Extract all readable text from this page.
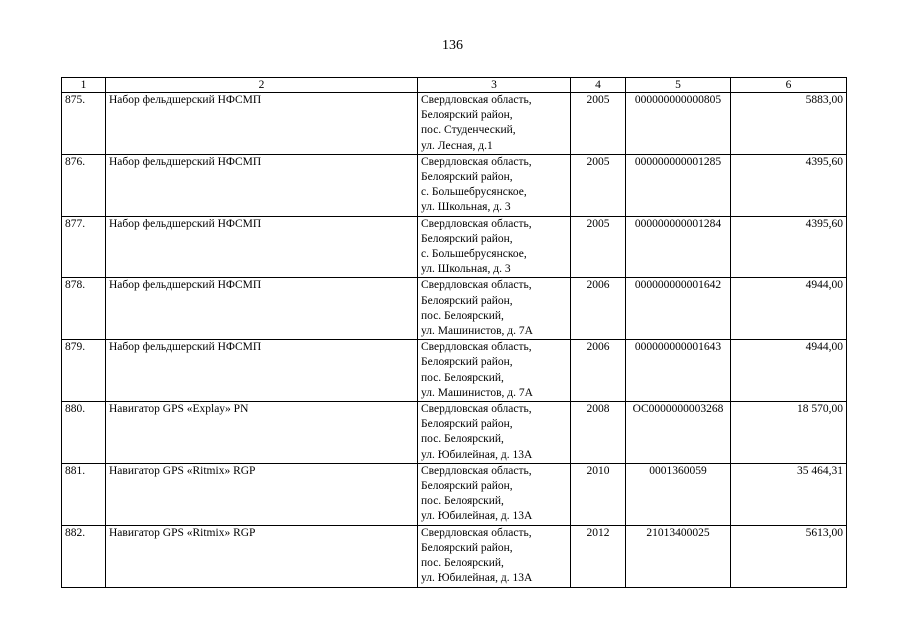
136
1	2	3	4	5	6
875.	Набор фельдшерский НФСМП	Свердловская область,
Белоярский район,
пос. Студенческий,
ул. Лесная, д.1	2005	000000000000805	5883,00
876.	Набор фельдшерский НФСМП	Свердловская область,
Белоярский район,
с. Большебрусянское,
ул. Школьная, д. 3	2005	000000000001285	4395,60
877.	Набор фельдшерский НФСМП	Свердловская область,
Белоярский район,
с. Большебрусянское,
ул. Школьная, д. 3	2005	000000000001284	4395,60
878.	Набор фельдшерский НФСМП	Свердловская область,
Белоярский район,
пос. Белоярский,
ул. Машинистов, д. 7А	2006	000000000001642	4944,00
879.	Набор фельдшерский НФСМП	Свердловская область,
Белоярский район,
пос. Белоярский,
ул. Машинистов, д. 7А	2006	000000000001643	4944,00
880.	Навигатор GPS «Explay» PN	Свердловская область,
Белоярский район,
пос. Белоярский,
ул. Юбилейная, д. 13А	2008	ОС0000000003268	18 570,00
881.	Навигатор GPS «Ritmix» RGP	Свердловская область,
Белоярский район,
пос. Белоярский,
ул. Юбилейная, д. 13А	2010	0001360059	35 464,31
882.	Навигатор GPS «Ritmix» RGP	Свердловская область,
Белоярский район,
пос. Белоярский,
ул. Юбилейная, д. 13А	2012	21013400025	5613,00
